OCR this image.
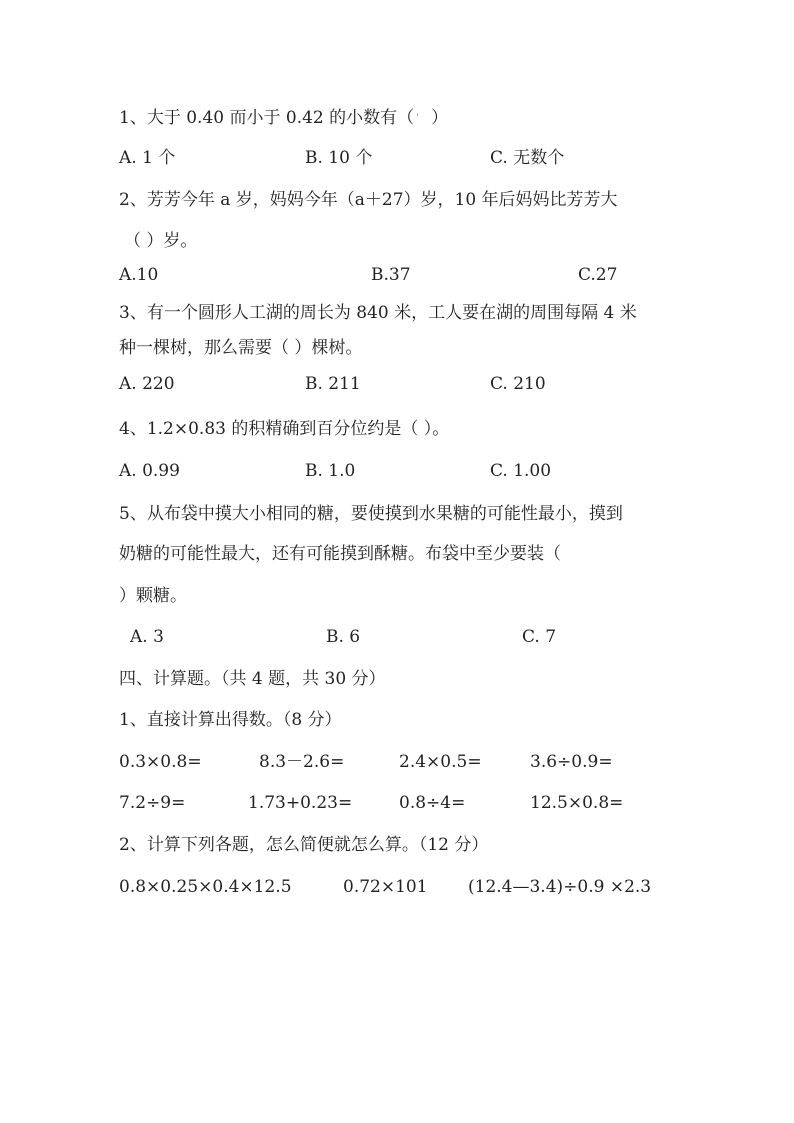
1、大于 0.40 而小于 0.42 的小数有（ ' ）
A. 1 个	B. 10 个	C. 无数个
2、芳芳今年 a 岁，妈妈今年（a＋27）岁，10 年后妈妈比芳芳大
（ ）岁。
A.10	B.37	C.27
3、有一个圆形人工湖的周长为 840 米，工人要在湖的周围每隔 4 米
种一棵树，那么需要（ ）棵树。
A. 220	B. 211	C. 210
4、1.2×0.83 的积精确到百分位约是（ ）。
A. 0.99	B. 1.0	C. 1.00
5、从布袋中摸大小相同的糖，要使摸到水果糖的可能性最小，摸到
奶糖的可能性最大，还有可能摸到酥糖。布袋中至少要装（
）颗糖。
A. 3	B. 6	C. 7
四、计算题。（共 4 题，共 30 分）
1、直接计算出得数。（8 分）
0.3×0.8=	8.3－2.6=	2.4×0.5=	3.6÷0.9=
7.2÷9=	1.73+0.23=	0.8÷4=	12.5×0.8=
2、计算下列各题，怎么简便就怎么算。（12 分）
0.8×0.25×0.4×12.5	0.72×101 (12.4—3.4)÷0.9 ×2.3
